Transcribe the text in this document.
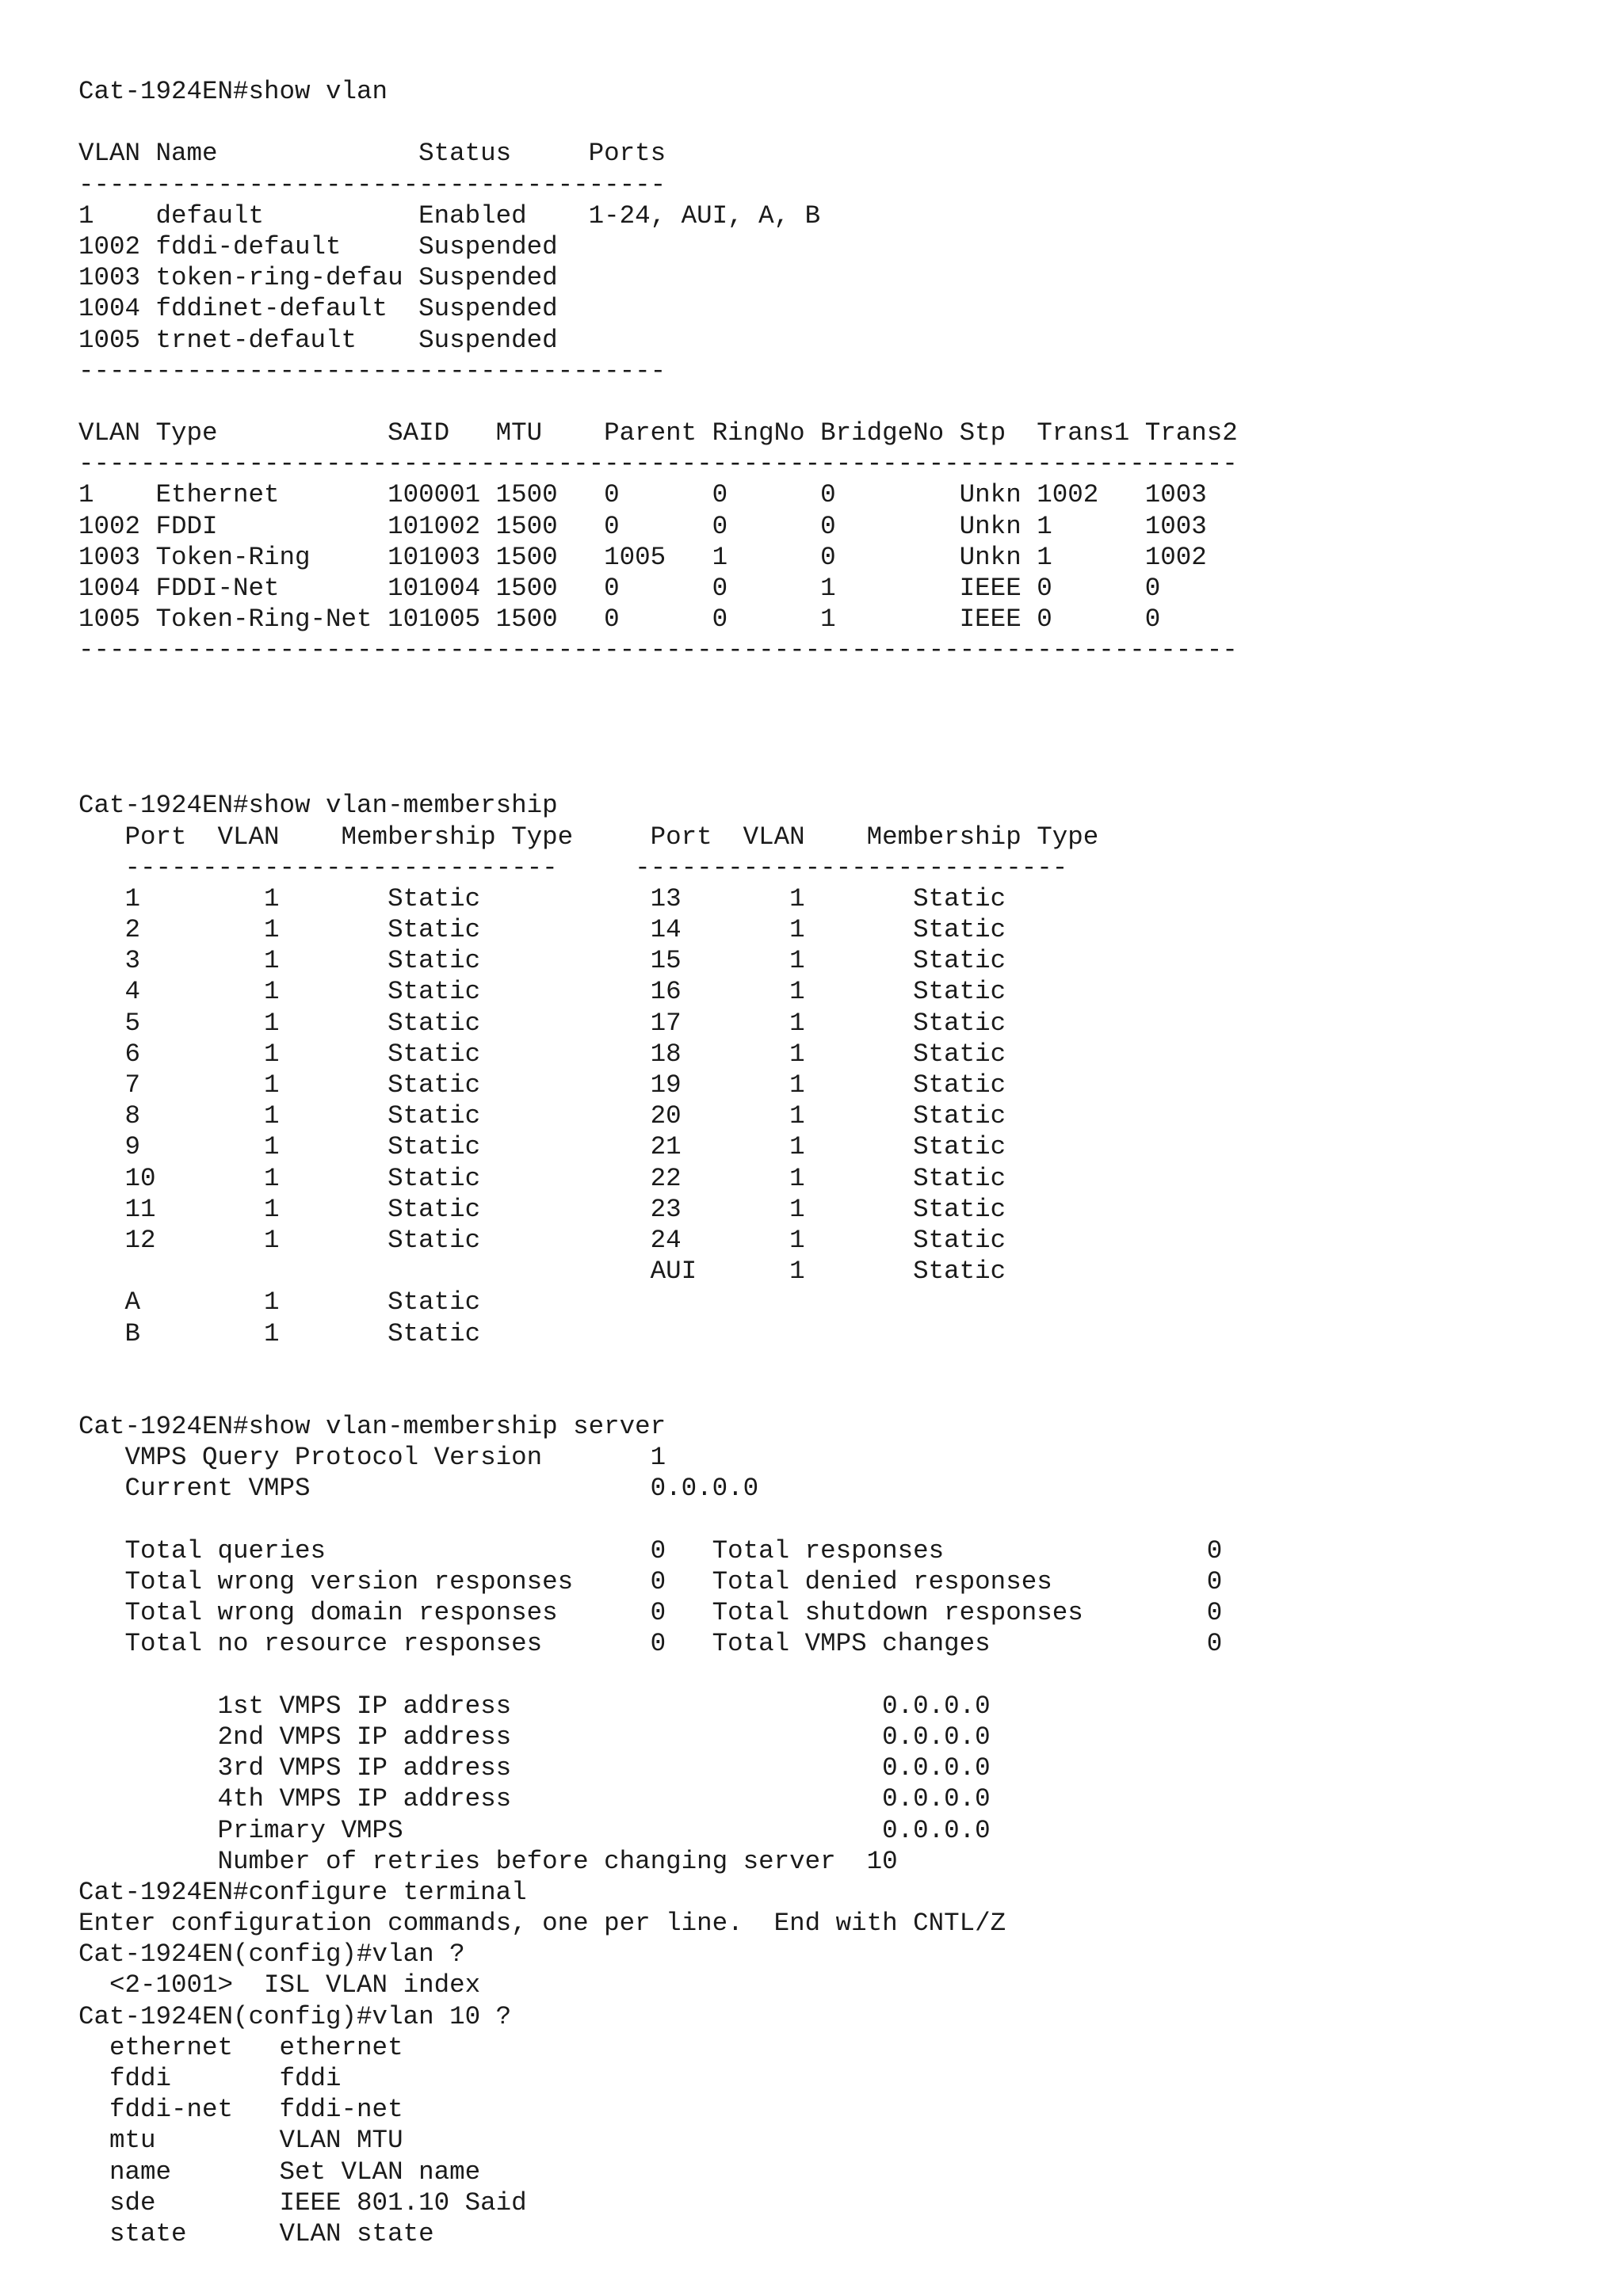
Cat-1924EN#show vlan
VLAN Name             Status     Ports
--------------------------------------
1    default          Enabled    1-24, AUI, A, B
1002 fddi-default     Suspended
1003 token-ring-defau Suspended
1004 fddinet-default  Suspended
1005 trnet-default    Suspended
--------------------------------------
VLAN Type           SAID   MTU    Parent RingNo BridgeNo Stp  Trans1 Trans2
---------------------------------------------------------------------------
1    Ethernet       100001 1500   0      0      0        Unkn 1002   1003
1002 FDDI           101002 1500   0      0      0        Unkn 1      1003
1003 Token-Ring     101003 1500   1005   1      0        Unkn 1      1002
1004 FDDI-Net       101004 1500   0      0      1        IEEE 0      0
1005 Token-Ring-Net 101005 1500   0      0      1        IEEE 0      0
---------------------------------------------------------------------------
Cat-1924EN#show vlan-membership
Port  VLAN    Membership Type     Port  VLAN    Membership Type
----------------------------     ----------------------------
1        1       Static           13       1       Static
2        1       Static           14       1       Static
3        1       Static           15       1       Static
4        1       Static           16       1       Static
5        1       Static           17       1       Static
6        1       Static           18       1       Static
7        1       Static           19       1       Static
8        1       Static           20       1       Static
9        1       Static           21       1       Static
10       1       Static           22       1       Static
11       1       Static           23       1       Static
12       1       Static           24       1       Static
AUI      1       Static
A        1       Static
B        1       Static
Cat-1924EN#show vlan-membership server
VMPS Query Protocol Version       1
Current VMPS                      0.0.0.0
Total queries                     0   Total responses                 0
Total wrong version responses     0   Total denied responses          0
Total wrong domain responses      0   Total shutdown responses        0
Total no resource responses       0   Total VMPS changes              0
1st VMPS IP address                        0.0.0.0
2nd VMPS IP address                        0.0.0.0
3rd VMPS IP address                        0.0.0.0
4th VMPS IP address                        0.0.0.0
Primary VMPS                               0.0.0.0
Number of retries before changing server  10
Cat-1924EN#configure terminal
Enter configuration commands, one per line.  End with CNTL/Z
Cat-1924EN(config)#vlan ?
<2-1001>  ISL VLAN index
Cat-1924EN(config)#vlan 10 ?
ethernet   ethernet
fddi       fddi
fddi-net   fddi-net
mtu        VLAN MTU
name       Set VLAN name
sde        IEEE 801.10 Said
state      VLAN state
